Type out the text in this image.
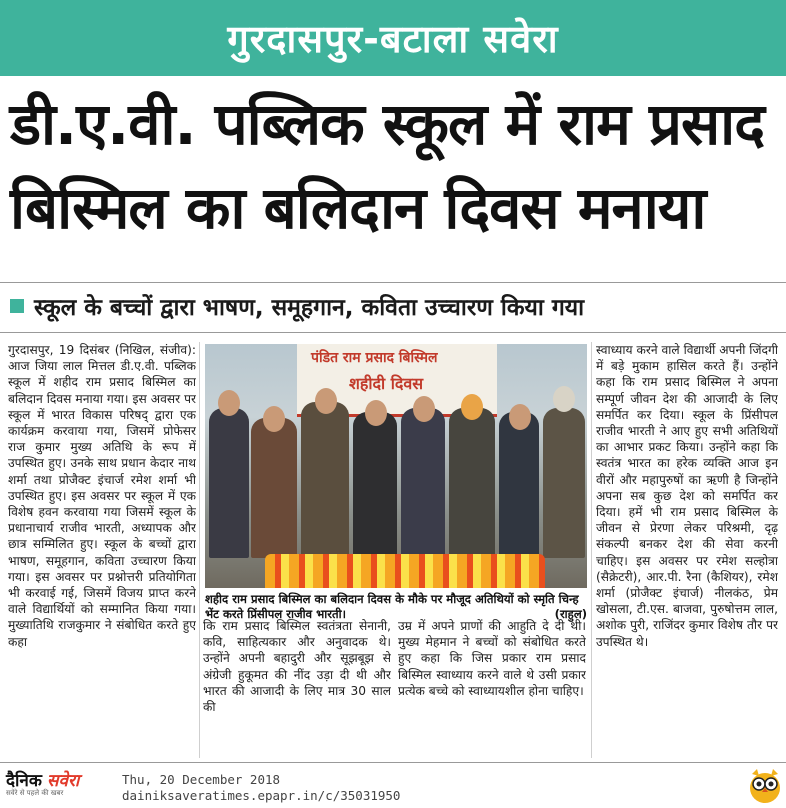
गुरदासपुर-बटाला सवेरा
डी.ए.वी. पब्लिक स्कूल में राम प्रसाद
बिस्मिल का बलिदान दिवस मनाया
स्कूल के बच्चों द्वारा भाषण, समूहगान, कविता उच्चारण किया गया

गुरदासपुर, 19 दिसंबर (निखिल, संजीव): आज जिया लाल मित्तल डी.ए.वी. पब्लिक स्कूल में शहीद राम प्रसाद बिस्मिल का बलिदान दिवस मनाया गया। इस अवसर पर स्कूल में भारत विकास परिषद् द्वारा एक कार्यक्रम करवाया गया, जिसमें प्रोफेसर राज कुमार मुख्य अतिथि के रूप में उपस्थित हुए। उनके साथ प्रधान केदार नाथ शर्मा तथा प्रोजैक्ट इंचार्ज रमेश शर्मा भी उपस्थित हुए। इस अवसर पर स्कूल में एक विशेष हवन करवाया गया जिसमें स्कूल के प्रधानाचार्य राजीव भारती, अध्यापक और छात्र सम्मिलित हुए। स्कूल के बच्चों द्वारा भाषण, समूहगान, कविता उच्चारण किया गया। इस अवसर पर प्रश्नोत्तरी प्रतियोगिता भी करवाई गई, जिसमें विजय प्राप्त करने वाले विद्यार्थियों को सम्मानित किया गया। मुख्यातिथि राजकुमार ने संबोधित करते हुए कहा

पंडित राम प्रसाद बिस्मिल
शहीदी दिवस
शहीद राम प्रसाद बिस्मिल का बलिदान दिवस के मौके पर मौजूद अतिथियों को स्मृति चिन्ह भेंट करते प्रिंसीपल राजीव भारती।	(राहुल)

कि राम प्रसाद बिस्मिल स्वतंत्रता सेनानी, कवि, साहित्यकार और अनुवादक थे। उन्होंने अपनी बहादुरी और सूझबूझ से अंग्रेजी हुकूमत की नींद उड़ा दी थी और भारत की आजादी के लिए मात्र 30 साल की

उम्र में अपने प्राणों की आहुति दे दी थी। मुख्य मेहमान ने बच्चों को संबोधित करते हुए कहा कि जिस प्रकार राम प्रसाद बिस्मिल स्वाध्याय करने वाले थे उसी प्रकार प्रत्येक बच्चे को स्वाध्यायशील होना चाहिए।

स्वाध्याय करने वाले विद्यार्थी अपनी जिंदगी में बड़े मुकाम हासिल करते हैं। उन्होंने कहा कि राम प्रसाद बिस्मिल ने अपना सम्पूर्ण जीवन देश की आजादी के लिए समर्पित कर दिया। स्कूल के प्रिंसीपल राजीव भारती ने आए हुए सभी अतिथियों का आभार प्रकट किया। उन्होंने कहा कि स्वतंत्र भारत का हरेक व्यक्ति आज इन वीरों और महापुरुषों का ऋणी है जिन्होंने अपना सब कुछ देश को समर्पित कर दिया। हमें भी राम प्रसाद बिस्मिल के जीवन से प्रेरणा लेकर परिश्रमी, दृढ़ संकल्पी बनकर देश की सेवा करनी चाहिए। इस अवसर पर रमेश सल्होत्रा (सैक्रेटरी), आर.पी. रैना (कैशियर), रमेश शर्मा (प्रोजैक्ट इंचार्ज) नीलकंठ, प्रेम खोसला, टी.एस. बाजवा, पुरुषोत्तम लाल, अशोक पुरी, राजिंदर कुमार विशेष तौर पर उपस्थित थे।

दैनिक सवेरा
सवेरे से पहले की खबर
Thu, 20 December 2018
dainiksaveratimes.epapr.in/c/35031950
